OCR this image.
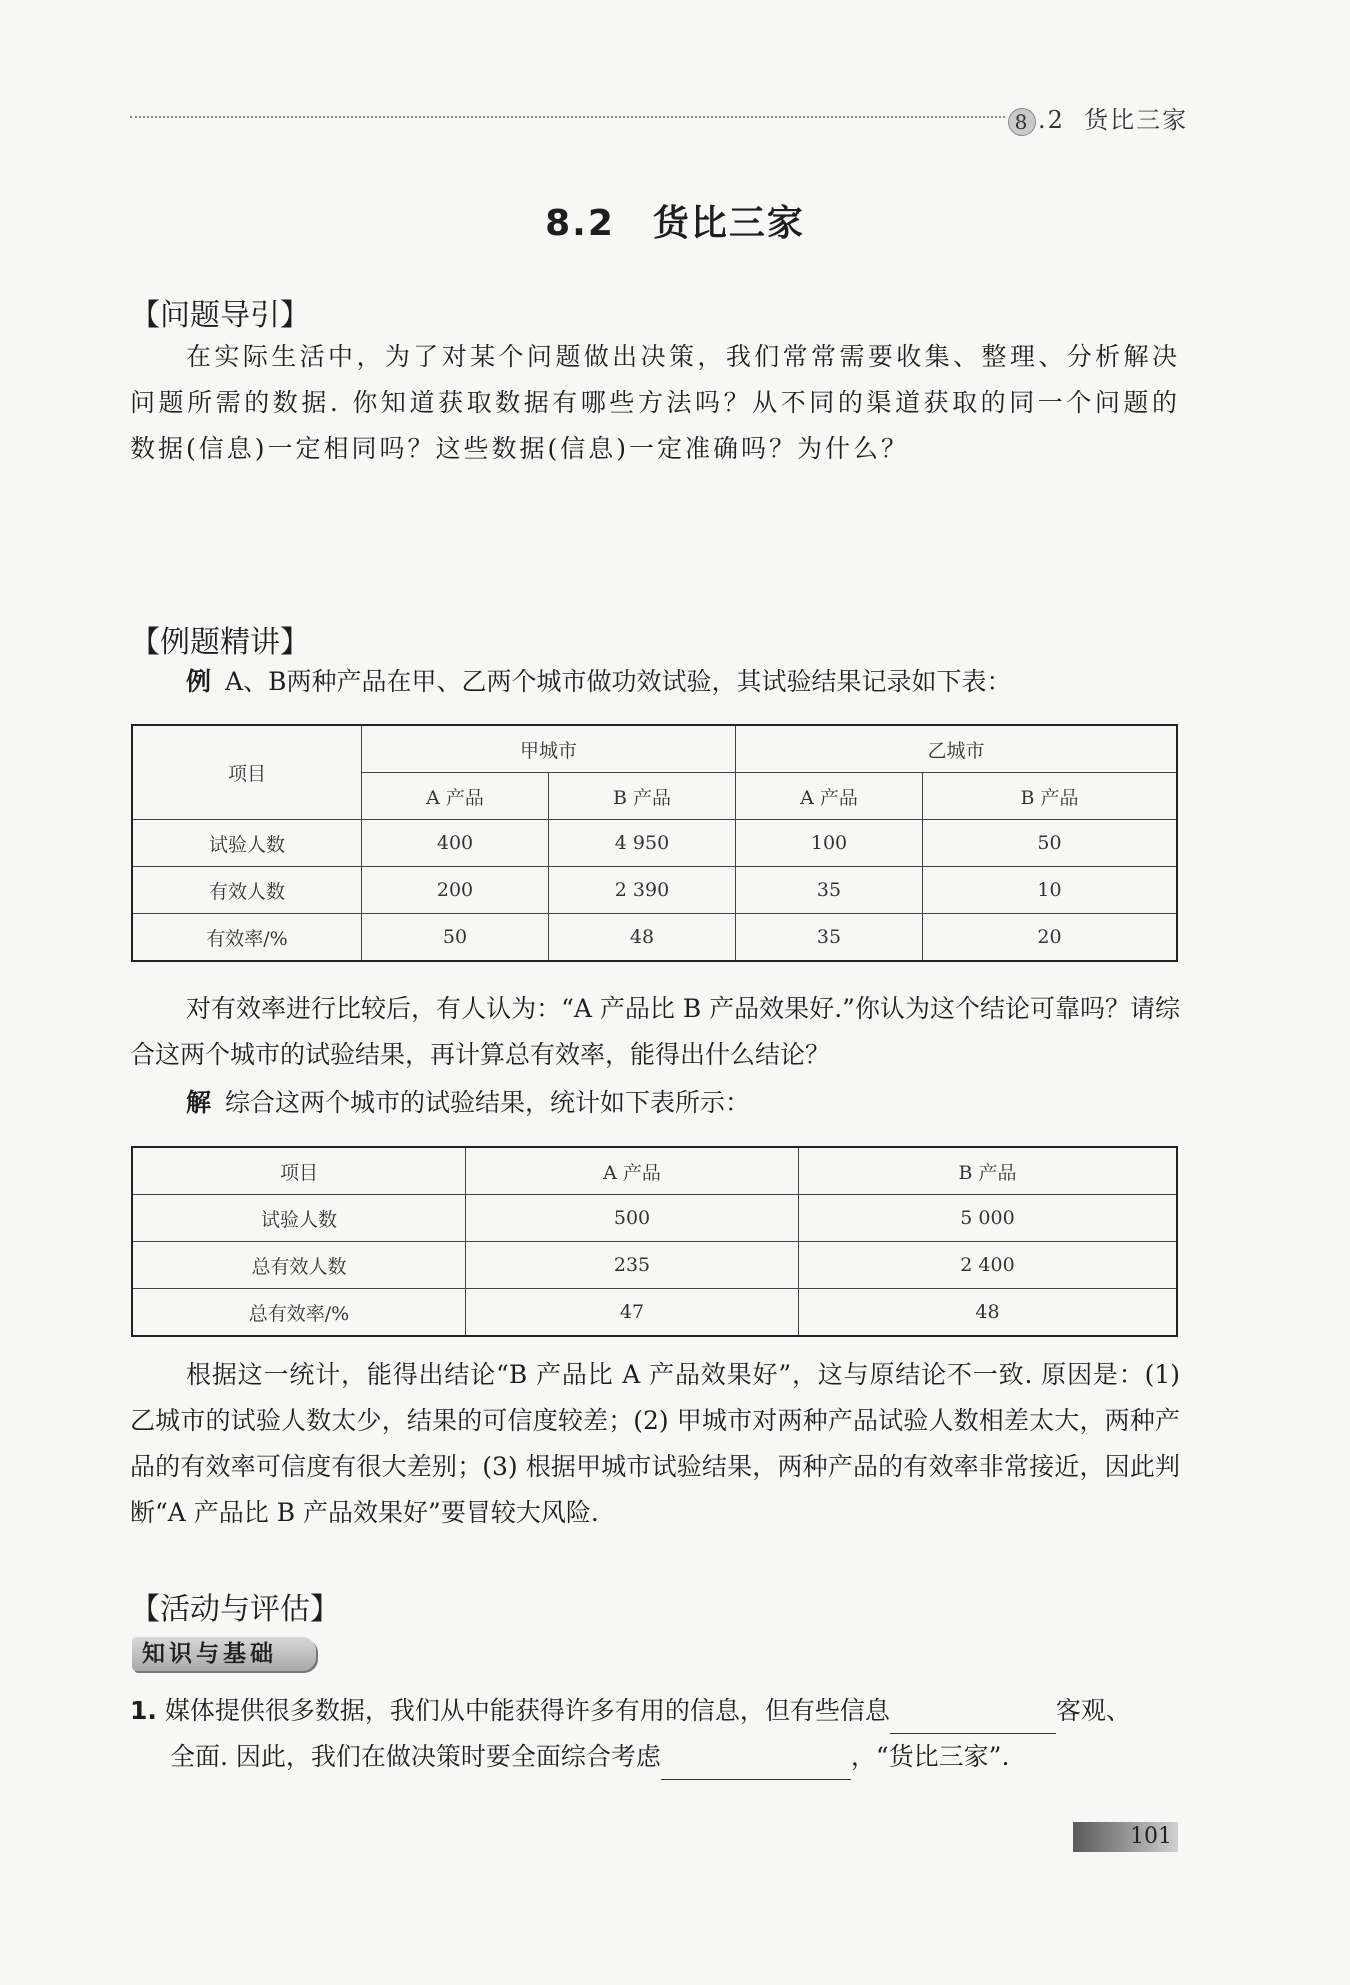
8 .2 货比三家
8.2　货比三家
【问题导引】

在实际生活中，为了对某个问题做出决策，我们常常需要收集、整理、分析解决问题所需的数据. 你知道获取数据有哪些方法吗？从不同的渠道获取的同一个问题的数据(信息)一定相同吗？这些数据(信息)一定准确吗？为什么？

【例题精讲】

例 A、B两种产品在甲、乙两个城市做功效试验，其试验结果记录如下表：

项目	甲城市		乙城市	
	A 产品	B 产品	A 产品	B 产品
试验人数	400	4 950	100	50
有效人数	200	2 390	35	10
有效率/%	50	48	35	20

对有效率进行比较后，有人认为：“A 产品比 B 产品效果好.”你认为这个结论可靠吗？请综合这两个城市的试验结果，再计算总有效率，能得出什么结论？

解 综合这两个城市的试验结果，统计如下表所示：

项目	A 产品	B 产品
试验人数	500	5 000
总有效人数	235	2 400
总有效率/%	47	48

根据这一统计，能得出结论“B 产品比 A 产品效果好”，这与原结论不一致. 原因是：(1) 乙城市的试验人数太少，结果的可信度较差；(2) 甲城市对两种产品试验人数相差太大，两种产品的有效率可信度有很大差别；(3) 根据甲城市试验结果，两种产品的有效率非常接近，因此判断“A 产品比 B 产品效果好”要冒较大风险.

【活动与评估】
知识与基础

1. 媒体提供很多数据，我们从中能获得许多有用的信息，但有些信息	客观、

全面. 因此，我们在做决策时要全面综合考虑	，“货比三家”.

101
